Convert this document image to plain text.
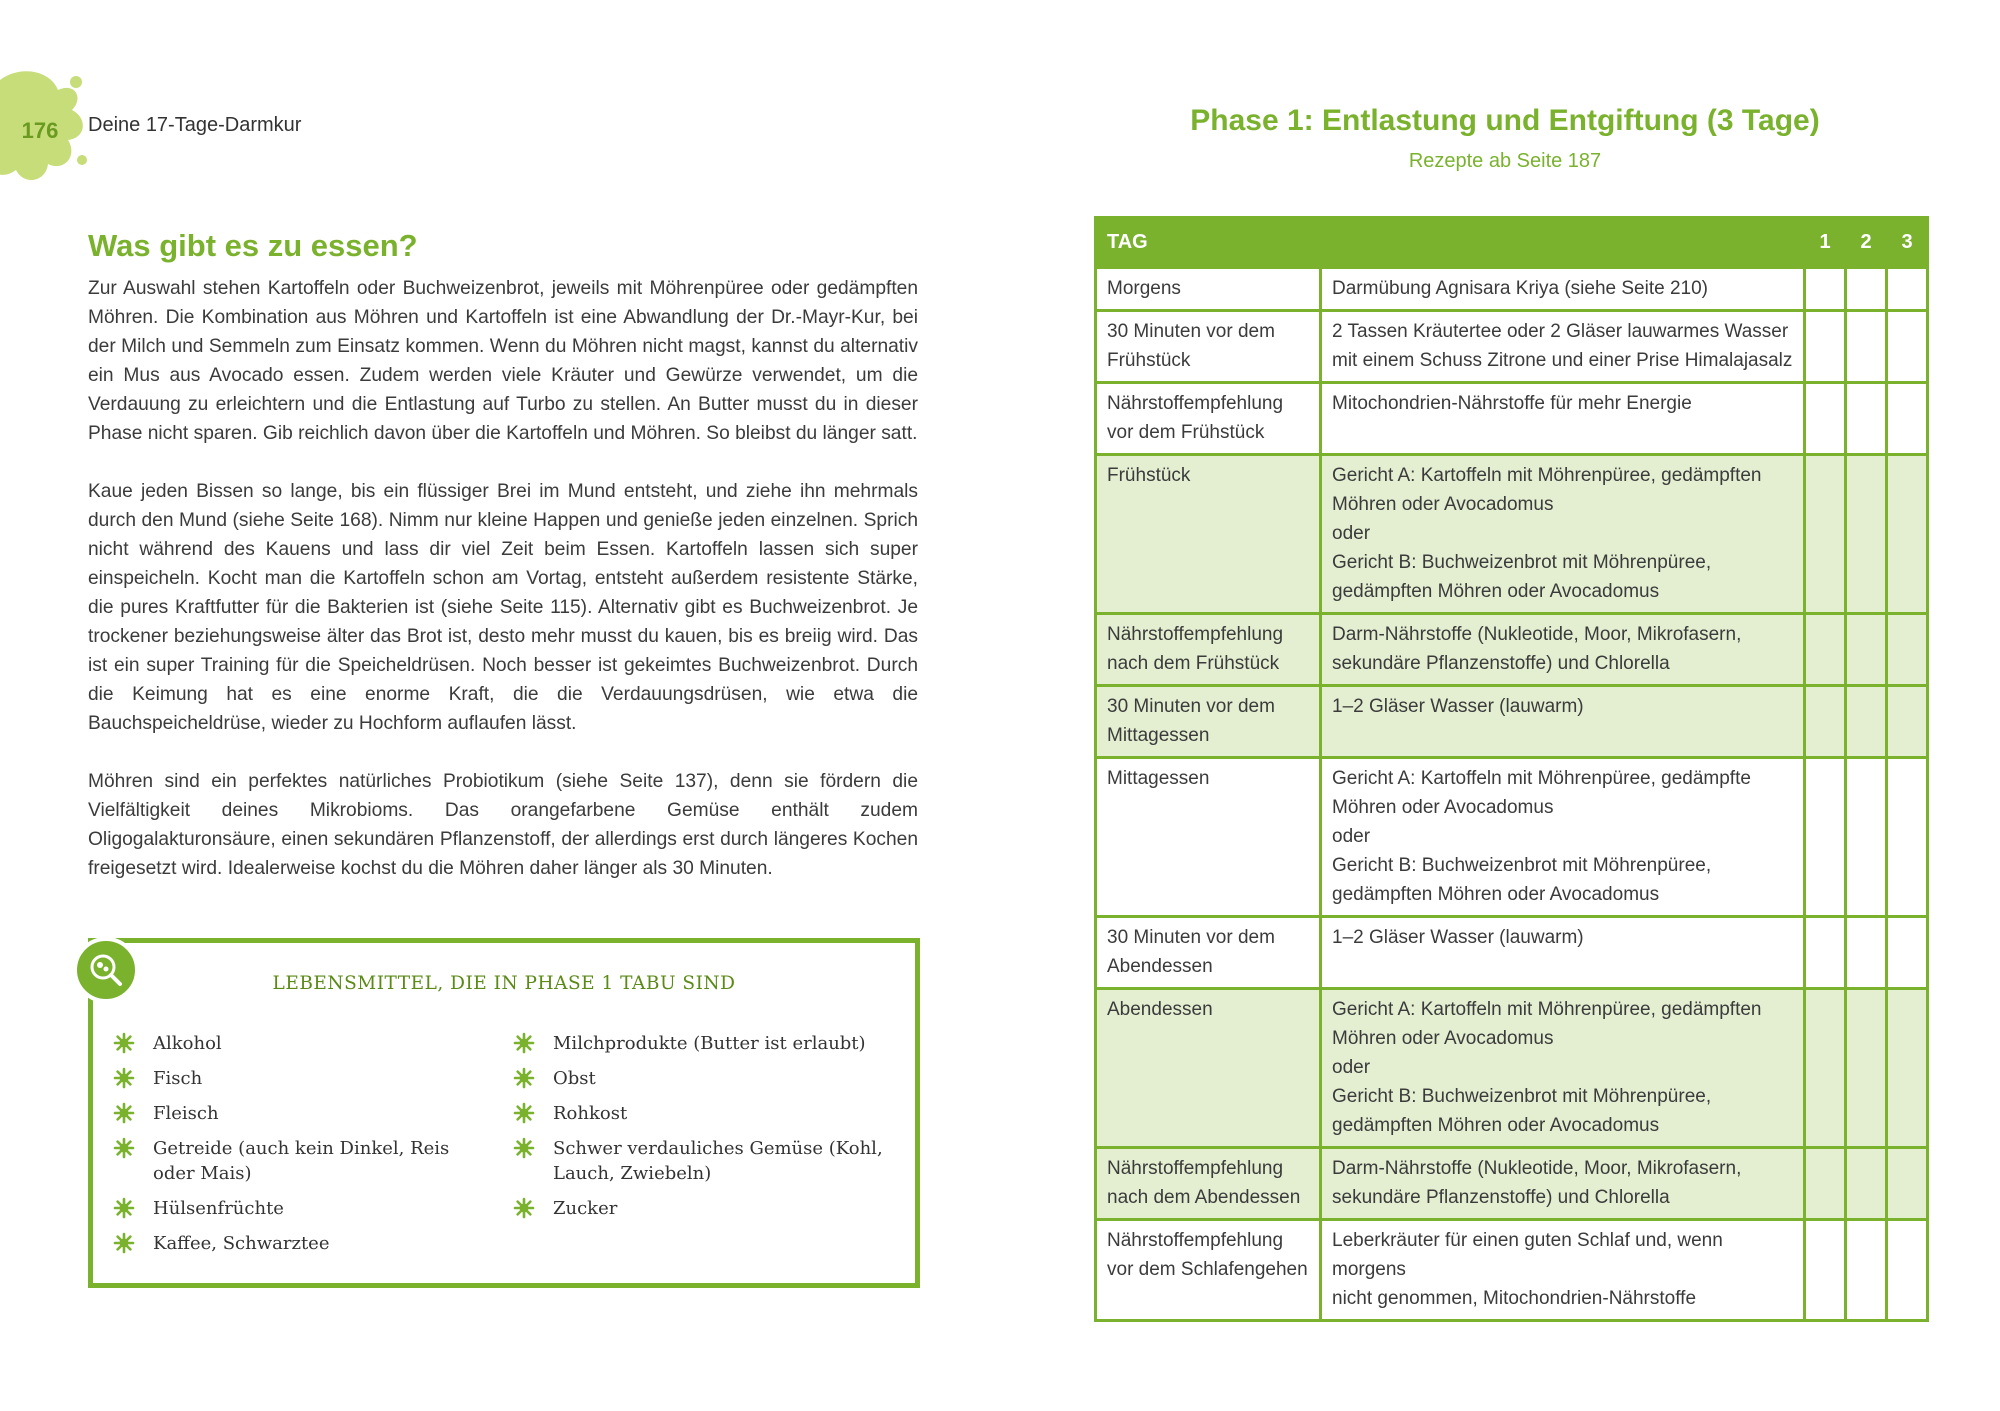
176 Deine 17-Tage-Darmkur
Was gibt es zu essen?

Zur Auswahl stehen Kartoffeln oder Buchweizenbrot, jeweils mit Möhrenpüree oder gedämpften Möhren. Die Kombination aus Möhren und Kartoffeln ist eine Abwandlung der Dr.-Mayr-Kur, bei der Milch und Semmeln zum Einsatz kommen. Wenn du Möhren nicht magst, kannst du alternativ ein Mus aus Avocado essen. Zudem werden viele Kräuter und Gewürze verwendet, um die Verdauung zu erleichtern und die Entlastung auf Turbo zu stellen. An Butter musst du in dieser Phase nicht sparen. Gib reichlich davon über die Kartoffeln und Möhren. So bleibst du länger satt.

Kaue jeden Bissen so lange, bis ein flüssiger Brei im Mund entsteht, und ziehe ihn mehrmals durch den Mund (siehe Seite 168). Nimm nur kleine Happen und genieße jeden einzelnen. Sprich nicht während des Kauens und lass dir viel Zeit beim Essen. Kartoffeln lassen sich super einspeicheln. Kocht man die Kartoffeln schon am Vortag, entsteht außerdem resistente Stärke, die pures Kraftfutter für die Bakterien ist (siehe Seite 115). Alternativ gibt es Buchweizenbrot. Je trockener beziehungsweise älter das Brot ist, desto mehr musst du kauen, bis es breiig wird. Das ist ein super Training für die Speicheldrüsen. Noch besser ist gekeimtes Buchweizenbrot. Durch die Keimung hat es eine enorme Kraft, die die Verdauungsdrüsen, wie etwa die Bauchspeicheldrüse, wieder zu Hochform auflaufen lässt.

Möhren sind ein perfektes natürliches Probiotikum (siehe Seite 137), denn sie fördern die Vielfältigkeit deines Mikrobioms. Das orangefarbene Gemüse enthält zudem Oligogalakturonsäure, einen sekundären Pflanzenstoff, der allerdings erst durch längeres Kochen freigesetzt wird. Idealerweise kochst du die Möhren daher länger als 30 Minuten.

LEBENSMITTEL, DIE IN PHASE 1 TABU SIND
Alkohol
Fisch
Fleisch
Getreide (auch kein Dinkel, Reis oder Mais)
Hülsenfrüchte
Kaffee, Schwarztee
Milchprodukte (Butter ist erlaubt)
Obst
Rohkost
Schwer verdauliches Gemüse (Kohl, Lauch, Zwiebeln)
Zucker
Phase 1: Entlastung und Entgiftung (3 Tage)
Rezepte ab Seite 187
TAG		1	2	3

Morgens	Darmübung Agnisara Kriya (siehe Seite 210)			

30 Minuten vor dem
Frühstück	2 Tassen Kräutertee oder 2 Gläser lauwarmes Wasser
mit einem Schuss Zitrone und einer Prise Himalajasalz			

Nährstoffempfehlung
vor dem Frühstück	Mitochondrien-Nährstoffe für mehr Energie			

Frühstück	Gericht A: Kartoffeln mit Möhrenpüree, gedämpften
Möhren oder Avocadomus
oder
Gericht B: Buchweizenbrot mit Möhrenpüree,
gedämpften Möhren oder Avocadomus			

Nährstoffempfehlung
nach dem Frühstück	Darm-Nährstoffe (Nukleotide, Moor, Mikrofasern,
sekundäre Pflanzenstoffe) und Chlorella			

30 Minuten vor dem
Mittagessen	1–2 Gläser Wasser (lauwarm)			

Mittagessen	Gericht A: Kartoffeln mit Möhrenpüree, gedämpfte
Möhren oder Avocadomus
oder
Gericht B: Buchweizenbrot mit Möhrenpüree,
gedämpften Möhren oder Avocadomus			

30 Minuten vor dem
Abendessen	1–2 Gläser Wasser (lauwarm)			

Abendessen	Gericht A: Kartoffeln mit Möhrenpüree, gedämpften
Möhren oder Avocadomus
oder
Gericht B: Buchweizenbrot mit Möhrenpüree,
gedämpften Möhren oder Avocadomus			

Nährstoffempfehlung
nach dem Abendessen	Darm-Nährstoffe (Nukleotide, Moor, Mikrofasern,
sekundäre Pflanzenstoffe) und Chlorella			

Nährstoffempfehlung
vor dem Schlafengehen	Leberkräuter für einen guten Schlaf und, wenn morgens
nicht genommen, Mitochondrien-Nährstoffe			
